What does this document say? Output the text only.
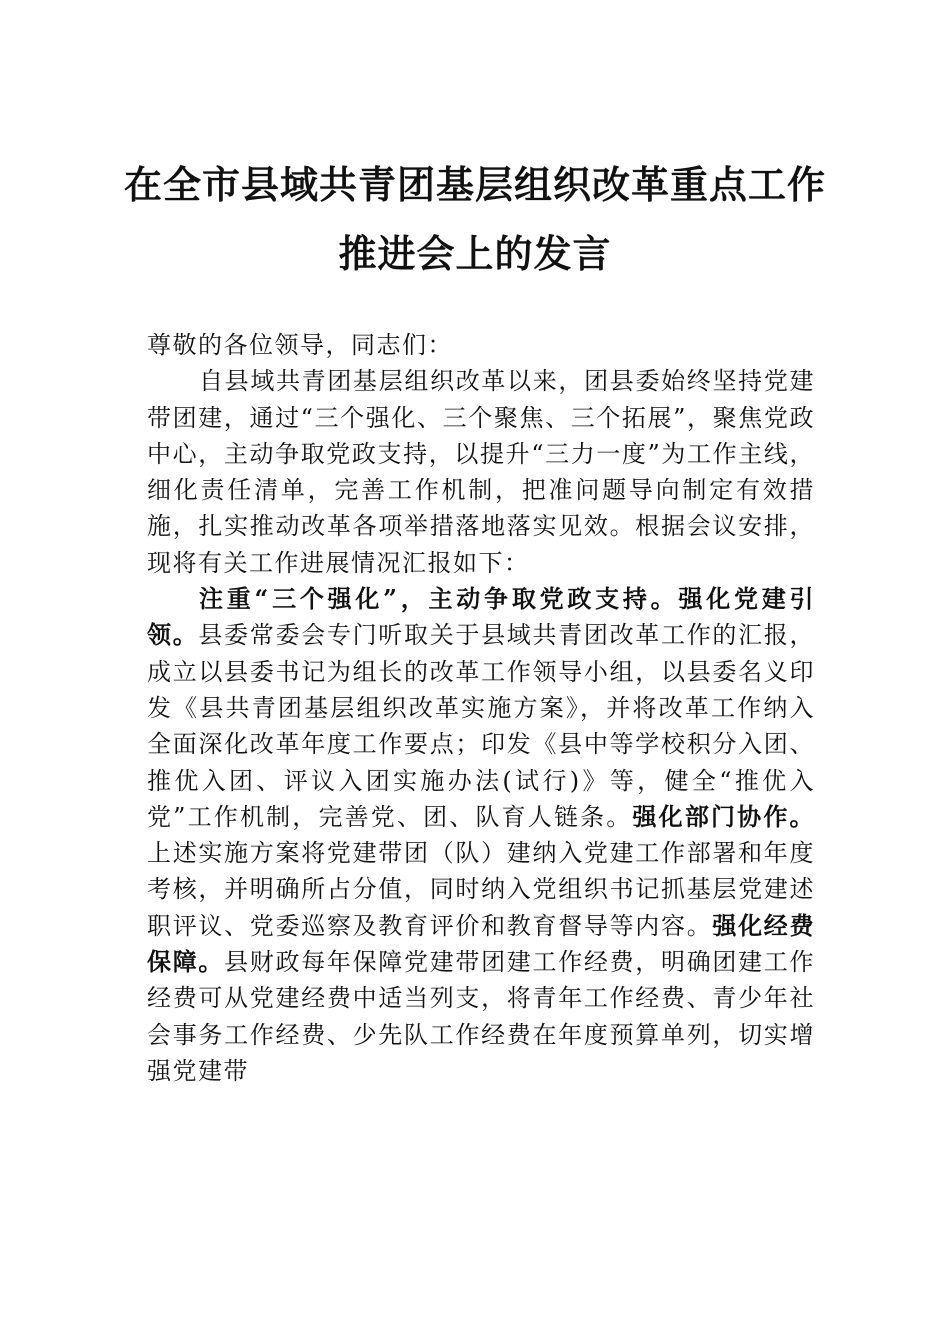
在全市县域共青团基层组织改革重点工作
推进会上的发言

尊敬的各位领导，同志们：

自县域共青团基层组织改革以来，团县委始终坚持党建带团建，通过“三个强化、三个聚焦、三个拓展”，聚焦党政中心，主动争取党政支持，以提升“三力一度”为工作主线，细化责任清单，完善工作机制，把准问题导向制定有效措施，扎实推动改革各项举措落地落实见效。根据会议安排，现将有关工作进展情况汇报如下：

注重“三个强化”，主动争取党政支持。强化党建引领。县委常委会专门听取关于县域共青团改革工作的汇报，成立以县委书记为组长的改革工作领导小组，以县委名义印发《县共青团基层组织改革实施方案》，并将改革工作纳入全面深化改革年度工作要点；印发《县中等学校积分入团、推优入团、评议入团实施办法(试行)》等，健全“推优入党”工作机制，完善党、团、队育人链条。强化部门协作。上述实施方案将党建带团（队）建纳入党建工作部署和年度考核，并明确所占分值，同时纳入党组织书记抓基层党建述职评议、党委巡察及教育评价和教育督导等内容。强化经费保障。县财政每年保障党建带团建工作经费，明确团建工作经费可从党建经费中适当列支，将青年工作经费、青少年社会事务工作经费、少先队工作经费在年度预算单列，切实增强党建带
